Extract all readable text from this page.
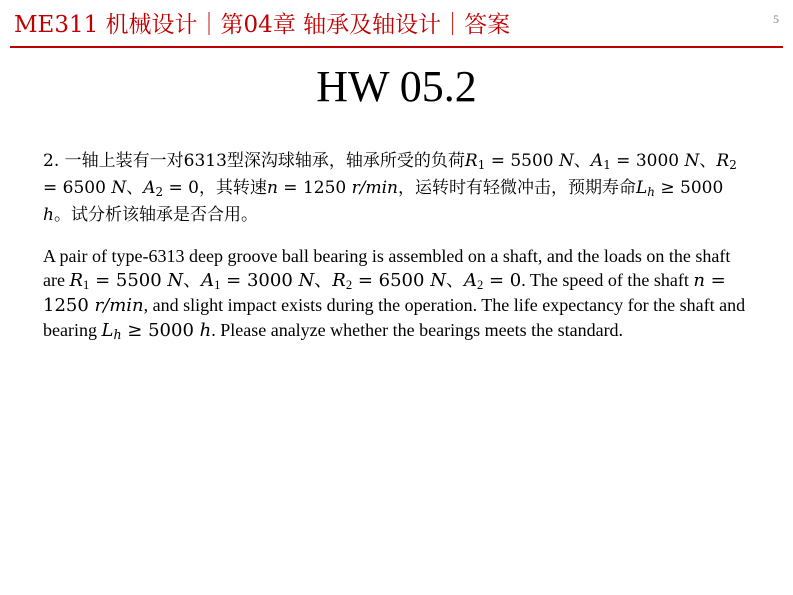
ME311 机械设计｜第04章 轴承及轴设计｜答案	5
HW 05.2
2. 一轴上装有一对6313型深沟球轴承，轴承所受的负荷$R_1 = 5500$ N、$A_1 = 3000$ N、$R_2 = 6500$ N、$A_2 = 0$，其转速n = 1250 r/min，运转时有轻微冲击，预期寿命$L_h \ge 5000$ h。试分析该轴承是否合用。
A pair of type-6313 deep groove ball bearing is assembled on a shaft, and the loads on the shaft are $R_1 = 5500$ N、$A_1 = 3000$ N、$R_2 = 6500$ N、$A_2 = 0$. The speed of the shaft n = 1250 r/min, and slight impact exists during the operation. The life expectancy for the shaft and bearing $L_h \ge 5000$ h. Please analyze whether the bearings meets the standard.
